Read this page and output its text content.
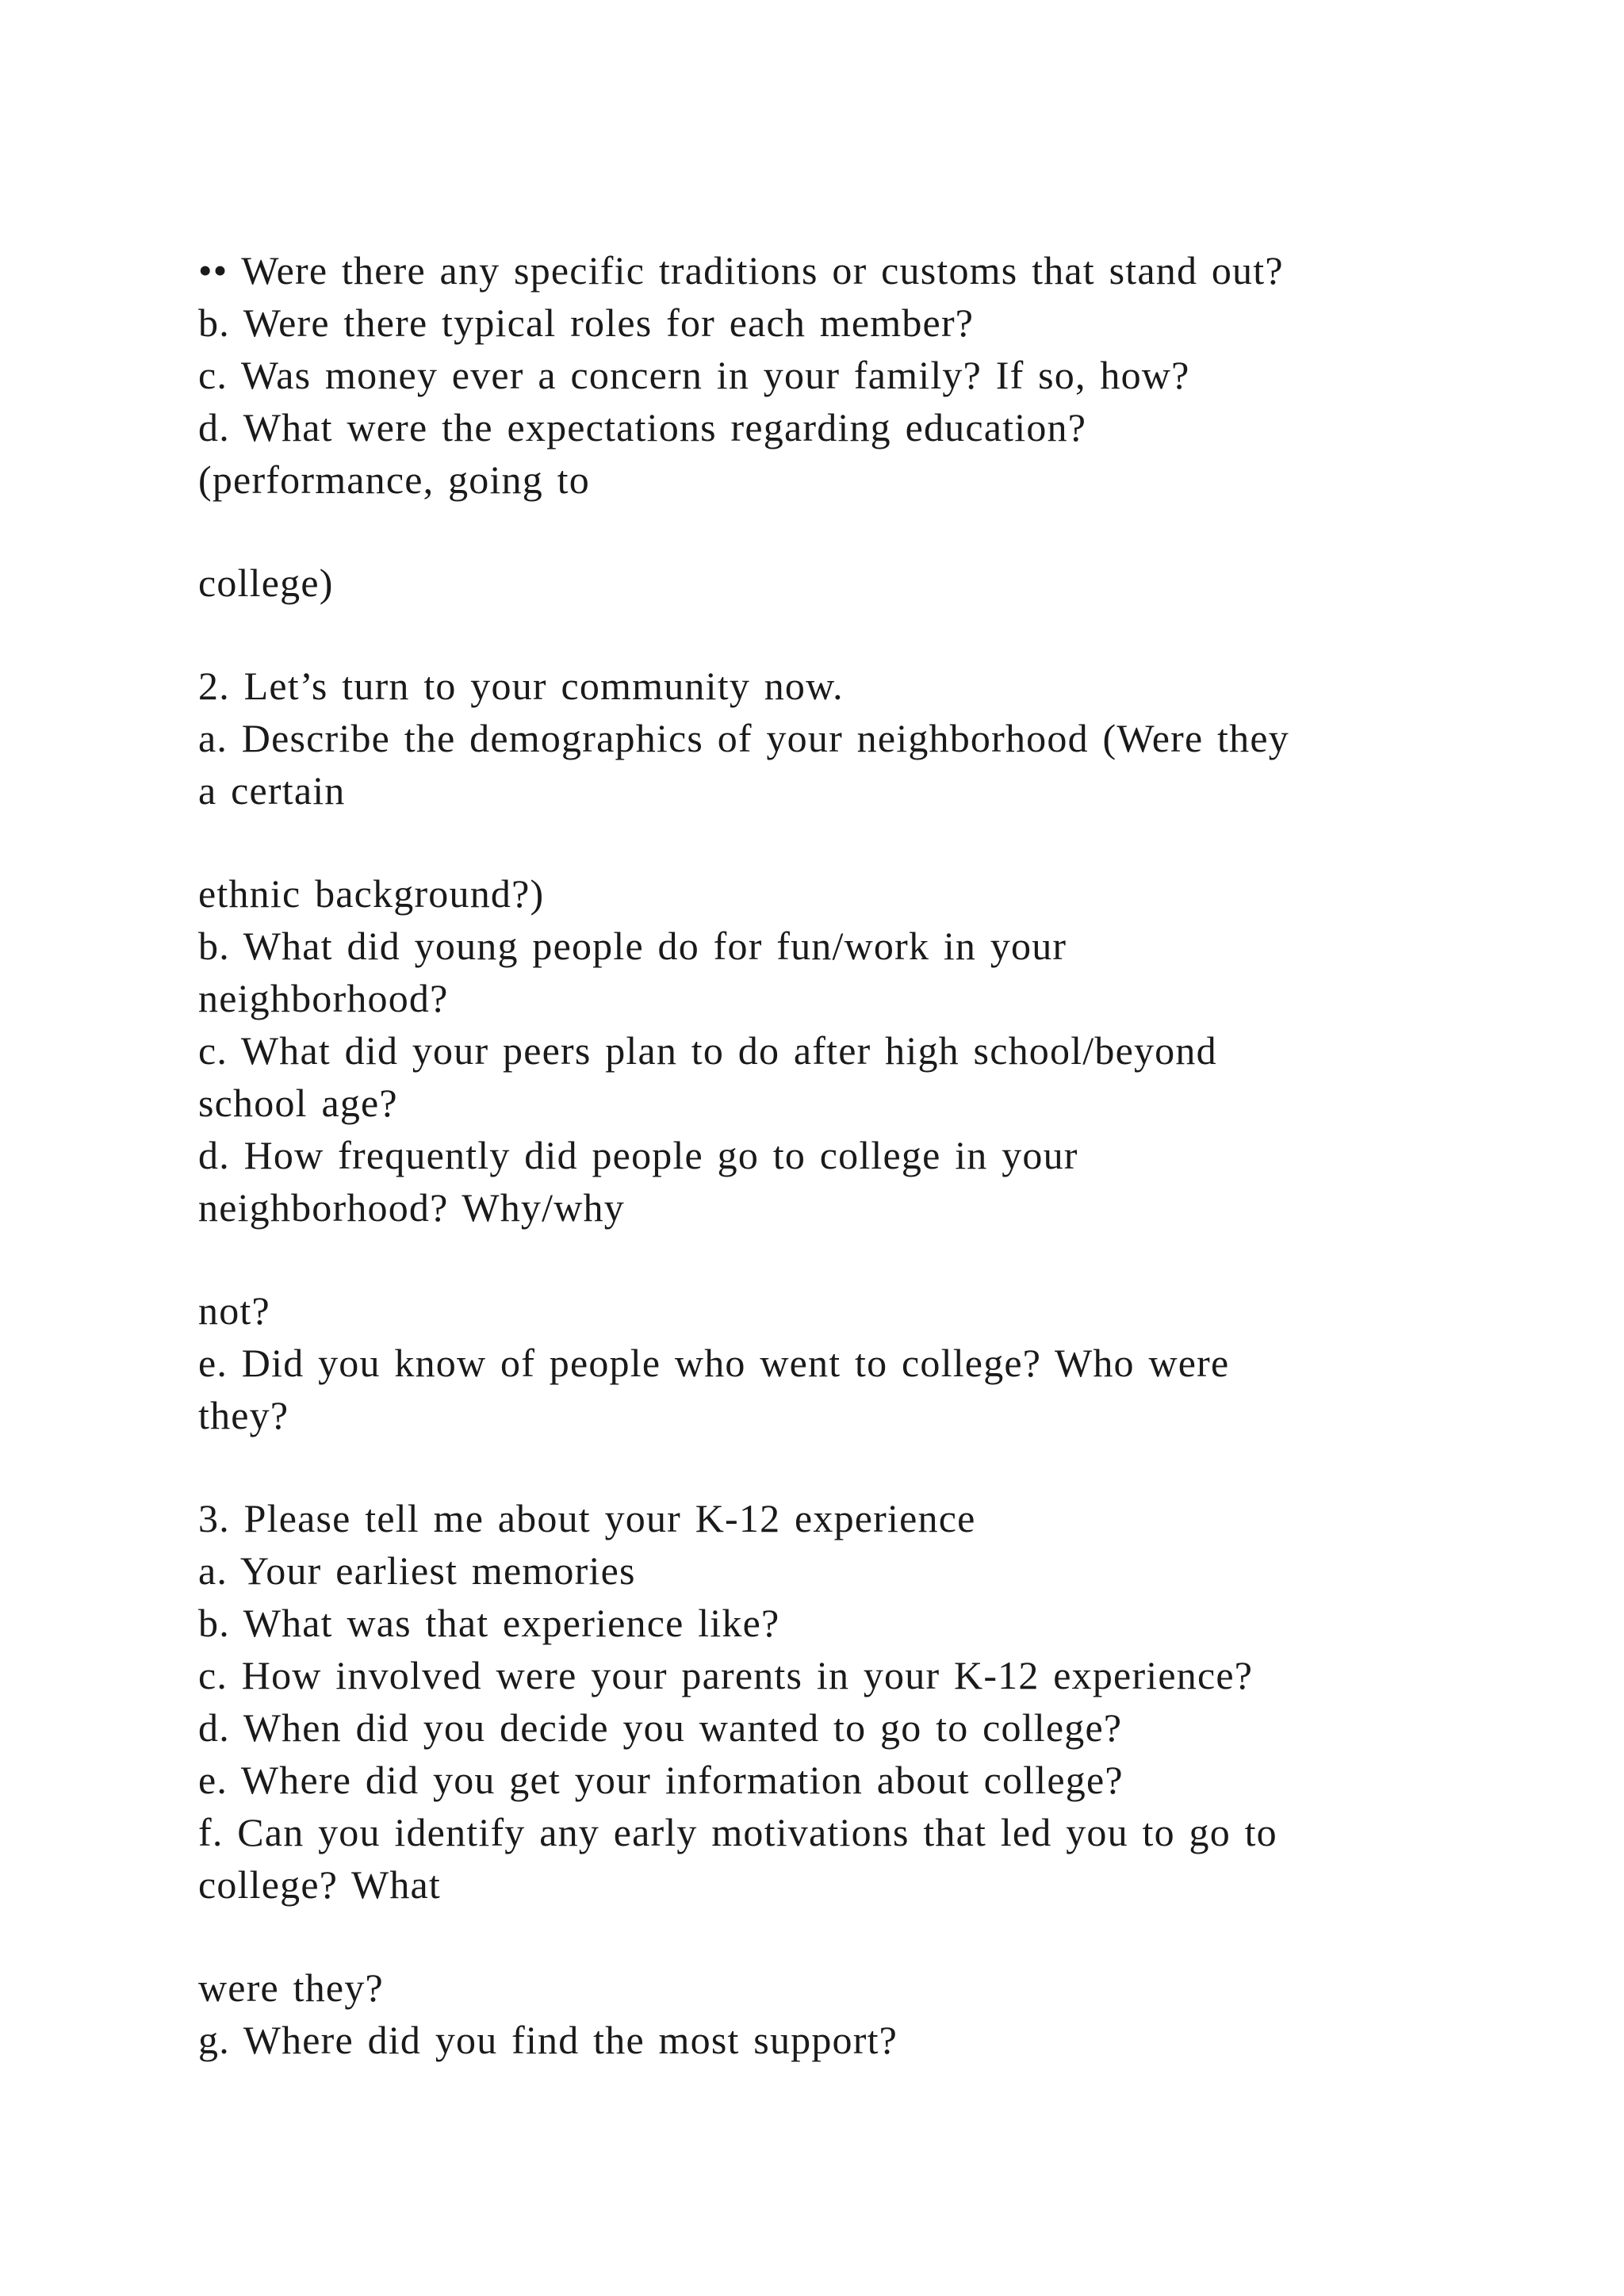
•• Were there any specific traditions or customs that stand out?
b. Were there typical roles for each member?
c. Was money ever a concern in your family? If so, how?
d. What were the expectations regarding education?
(performance, going to
college)
2. Let’s turn to your community now.
a. Describe the demographics of your neighborhood (Were they
a certain
ethnic background?)
b. What did young people do for fun/work in your
neighborhood?
c. What did your peers plan to do after high school/beyond
school age?
d. How frequently did people go to college in your
neighborhood? Why/why
not?
e. Did you know of people who went to college? Who were
they?
3. Please tell me about your K-12 experience
a. Your earliest memories
b. What was that experience like?
c. How involved were your parents in your K-12 experience?
d. When did you decide you wanted to go to college?
e. Where did you get your information about college?
f. Can you identify any early motivations that led you to go to
college? What
were they?
g. Where did you find the most support?
